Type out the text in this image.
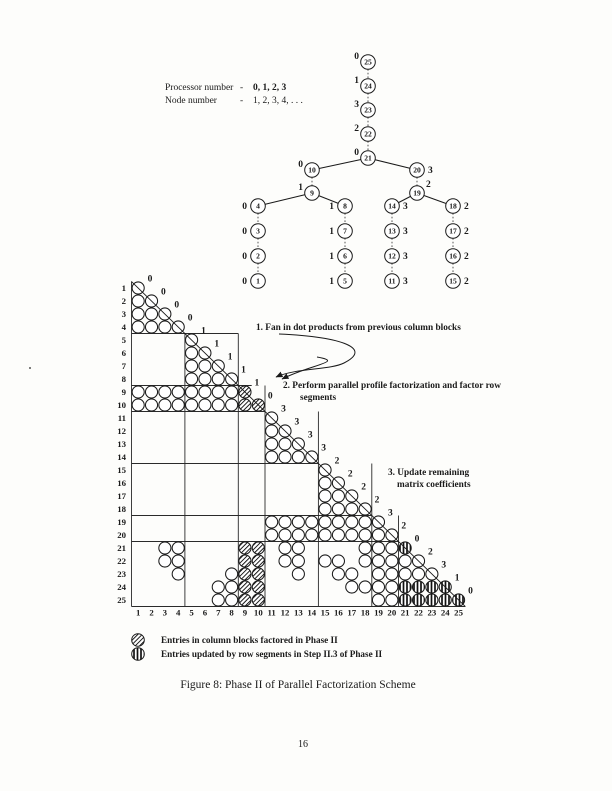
Processor number - 0, 1, 2, 3
Node number - 1, 2, 3, 4, . . .
25
0
24
1
23
3
22
2
21
0
10
0
20 3
9
1
19
2
4
0
3
0
2
0
1
0
8
1
7
1
6
1
5
1
14 3
13 3
12 3
11 3
18 2
17 2
16 2
15 2
0
0
0
0
1
1
1
1
1
0
3
3
3
3
2
2
2
2
3
2
0
2
3
1
0
1
2
3
4
5
6
7
8
9
10
11
12
13
14
15
16
17
18
19
20
21
22
23
24
25
1 2 3 4 5 6 7 8 9 10 11 12 13 14 15 16 17 18 19 20 21 22 23 24 25
1. Fan in dot products from previous column blocks
2. Perform parallel profile factorization and factor row
segments
3. Update remaining
matrix coefficients
Entries in column blocks factored in Phase II
Entries updated by row segments in Step II.3 of Phase II
Figure 8: Phase II of Parallel Factorization Scheme
16
